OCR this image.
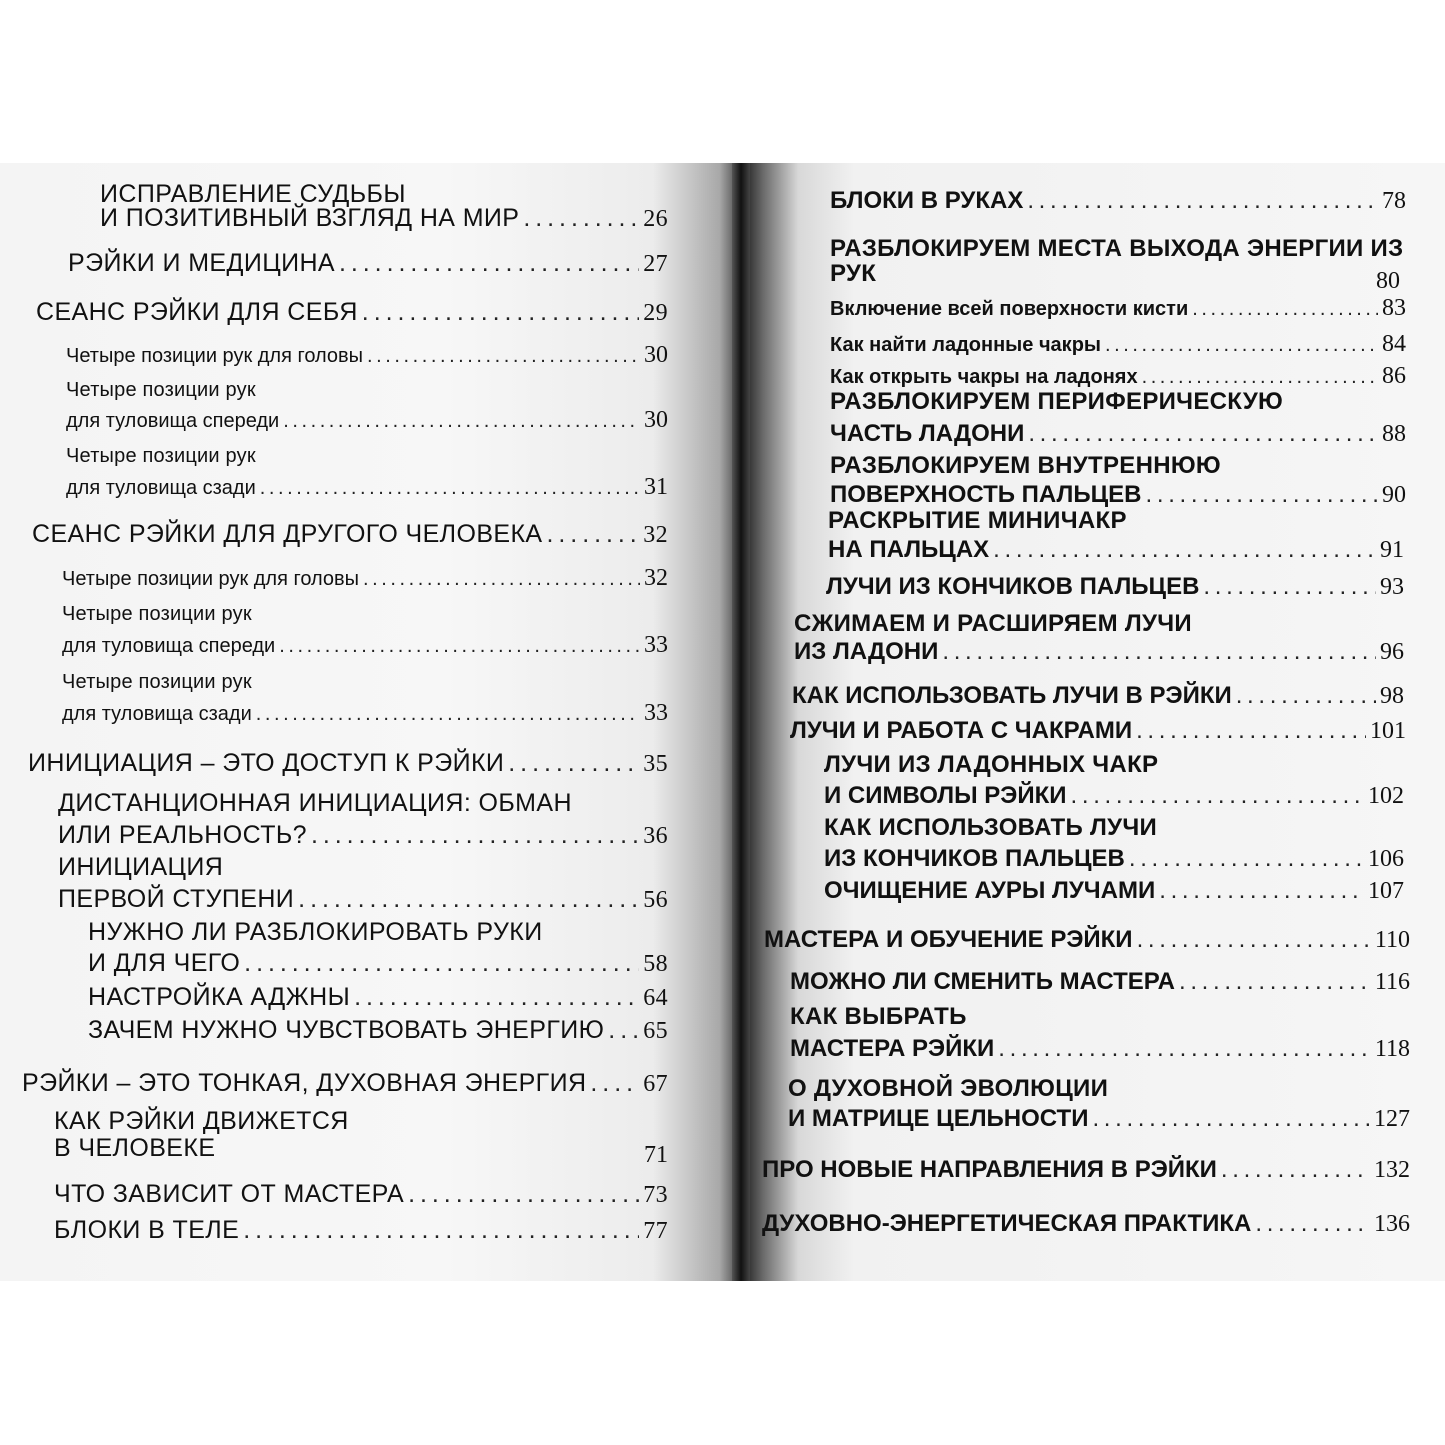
ИСПРАВЛЕНИЕ СУДЬБЫ
И ПОЗИТИВНЫЙ ВЗГЛЯД НА МИР . . .	26
РЭЙКИ И МЕДИЦИНА . . .	27
СЕАНС РЭЙКИ ДЛЯ СЕБЯ . . .	29
Четыре позиции рук для головы . . .	30
Четыре позиции рук
для туловища спереди . . .	30
Четыре позиции рук
для туловища сзади . . .	31
СЕАНС РЭЙКИ ДЛЯ ДРУГОГО ЧЕЛОВЕКА . . .	32
Четыре позиции рук для головы . . .	32
Четыре позиции рук
для туловища спереди . . .	33
Четыре позиции рук
для туловища сзади . . .	33
ИНИЦИАЦИЯ – ЭТО ДОСТУП К РЭЙКИ . . .	35
ДИСТАНЦИОННАЯ ИНИЦИАЦИЯ: ОБМАН
ИЛИ РЕАЛЬНОСТЬ? . . .	36
ИНИЦИАЦИЯ
ПЕРВОЙ СТУПЕНИ . . .	56
НУЖНО ЛИ РАЗБЛОКИРОВАТЬ РУКИ
И ДЛЯ ЧЕГО . . .	58
НАСТРОЙКА АДЖНЫ . . .	64
ЗАЧЕМ НУЖНО ЧУВСТВОВАТЬ ЭНЕРГИЮ . . . 65
РЭЙКИ – ЭТО ТОНКАЯ, ДУХОВНАЯ ЭНЕРГИЯ . . . 67
КАК РЭЙКИ ДВИЖЕТСЯ
В ЧЕЛОВЕКЕ	71
ЧТО ЗАВИСИТ ОТ МАСТЕРА . . .	73
БЛОКИ В ТЕЛЕ . . .	77
БЛОКИ В РУКАХ . . .	78
РАЗБЛОКИРУЕМ МЕСТА ВЫХОДА ЭНЕРГИИ ИЗ
РУК	80
Включение всей поверхности кисти . . .	83
Как найти ладонные чакры . . .	84
Как открыть чакры на ладонях . . .	86
РАЗБЛОКИРУЕМ ПЕРИФЕРИЧЕСКУЮ
ЧАСТЬ ЛАДОНИ . . .	88
РАЗБЛОКИРУЕМ ВНУТРЕННЮЮ
ПОВЕРХНОСТЬ ПАЛЬЦЕВ . . .	90
РАСКРЫТИЕ МИНИЧАКР
НА ПАЛЬЦАХ . . .	91
ЛУЧИ ИЗ КОНЧИКОВ ПАЛЬЦЕВ . . .	93
СЖИМАЕМ И РАСШИРЯЕМ ЛУЧИ
ИЗ ЛАДОНИ . . .	96
КАК ИСПОЛЬЗОВАТЬ ЛУЧИ В РЭЙКИ . . .	98
ЛУЧИ И РАБОТА С ЧАКРАМИ . . .	101
ЛУЧИ ИЗ ЛАДОННЫХ ЧАКР
И СИМВОЛЫ РЭЙКИ . . .	102
КАК ИСПОЛЬЗОВАТЬ ЛУЧИ
ИЗ КОНЧИКОВ ПАЛЬЦЕВ . . .	106
ОЧИЩЕНИЕ АУРЫ ЛУЧАМИ . . .	107
МАСТЕРА И ОБУЧЕНИЕ РЭЙКИ . . .	110
МОЖНО ЛИ СМЕНИТЬ МАСТЕРА . . .	116
КАК ВЫБРАТЬ
МАСТЕРА РЭЙКИ . . .	118
О ДУХОВНОЙ ЭВОЛЮЦИИ
И МАТРИЦЕ ЦЕЛЬНОСТИ . . .	127
ПРО НОВЫЕ НАПРАВЛЕНИЯ В РЭЙКИ . . .	132
ДУХОВНО-ЭНЕРГЕТИЧЕСКАЯ ПРАКТИКА . . .	136
